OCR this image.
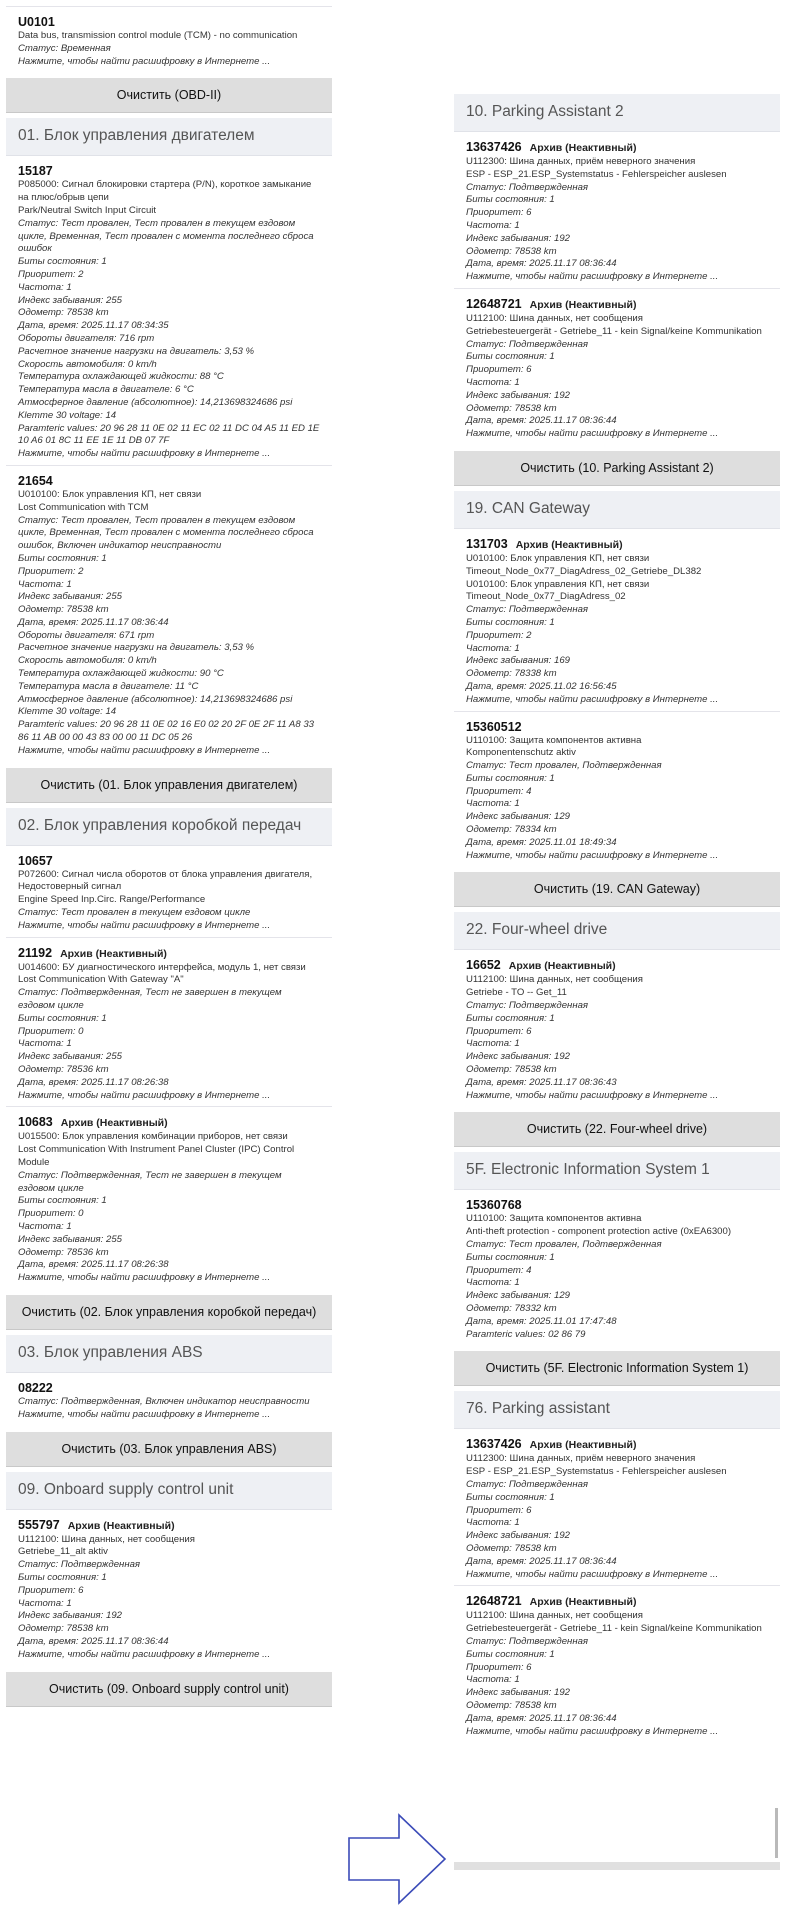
U0101
Data bus, transmission control module (TCM) - no communication
Статус: Временная
Нажмите, чтобы найти расшифровку в Интернете ...
Очистить (OBD-II)
01. Блок управления двигателем
15187
P085000: Сигнал блокировки стартера (P/N), короткое замыкание на плюс/обрыв цепи
Park/Neutral Switch Input Circuit
Статус: Тест провален, Тест провален в текущем ездовом цикле, Временная, Тест провален с момента последнего сброса ошибок
Биты состояния: 1
Приоритет: 2
Частота: 1
Индекс забывания: 255
Одометр: 78538 km
Дата, время: 2025.11.17 08:34:35
Обороты двигателя: 716 rpm
Расчетное значение нагрузки на двигатель: 3,53 %
Скорость автомобиля: 0 km/h
Температура охлаждающей жидкости: 88 °C
Температура масла в двигателе: 6 °C
Атмосферное давление (абсолютное): 14,213698324686 psi
Klemme 30 voltage: 14
Paramteric values: 20 96 28 11 0E 02 11 EC 02 11 DC 04 A5 11 ED 1E 10 A6 01 8C 11 EE 1E 11 DB 07 7F
Нажмите, чтобы найти расшифровку в Интернете ...
21654
U010100: Блок управления КП, нет связи
Lost Communication with TCM
Статус: Тест провален, Тест провален в текущем ездовом цикле, Временная, Тест провален с момента последнего сброса ошибок, Включен индикатор неисправности
Биты состояния: 1
Приоритет: 2
Частота: 1
Индекс забывания: 255
Одометр: 78538 km
Дата, время: 2025.11.17 08:36:44
Обороты двигателя: 671 rpm
Расчетное значение нагрузки на двигатель: 3,53 %
Скорость автомобиля: 0 km/h
Температура охлаждающей жидкости: 90 °C
Температура масла в двигателе: 11 °C
Атмосферное давление (абсолютное): 14,213698324686 psi
Klemme 30 voltage: 14
Paramteric values: 20 96 28 11 0E 02 16 E0 02 20 2F 0E 2F 11 A8 33 86 11 AB 00 00 43 83 00 00 11 DC 05 26
Нажмите, чтобы найти расшифровку в Интернете ...
Очистить (01. Блок управления двигателем)
02. Блок управления коробкой передач
10657
P072600: Сигнал числа оборотов от блока управления двигателя, Недостоверный сигнал
Engine Speed Inp.Circ. Range/Performance
Статус: Тест провален в текущем ездовом цикле
Нажмите, чтобы найти расшифровку в Интернете ...
21192 Архив (Неактивный)
U014600: БУ диагностического интерфейса, модуль 1, нет связи
Lost Communication With Gateway "A"
Статус: Подтвержденная, Тест не завершен в текущем ездовом цикле
Биты состояния: 1
Приоритет: 0
Частота: 1
Индекс забывания: 255
Одометр: 78536 km
Дата, время: 2025.11.17 08:26:38
Нажмите, чтобы найти расшифровку в Интернете ...
10683 Архив (Неактивный)
U015500: Блок управления комбинации приборов, нет связи
Lost Communication With Instrument Panel Cluster (IPC) Control Module
Статус: Подтвержденная, Тест не завершен в текущем ездовом цикле
Биты состояния: 1
Приоритет: 0
Частота: 1
Индекс забывания: 255
Одометр: 78536 km
Дата, время: 2025.11.17 08:26:38
Нажмите, чтобы найти расшифровку в Интернете ...
Очистить (02. Блок управления коробкой передач)
03. Блок управления ABS
08222
Статус: Подтвержденная, Включен индикатор неисправности
Нажмите, чтобы найти расшифровку в Интернете ...
Очистить (03. Блок управления ABS)
09. Onboard supply control unit
555797 Архив (Неактивный)
U112100: Шина данных, нет сообщения
Getriebe_11_alt aktiv
Статус: Подтвержденная
Биты состояния: 1
Приоритет: 6
Частота: 1
Индекс забывания: 192
Одометр: 78538 km
Дата, время: 2025.11.17 08:36:44
Нажмите, чтобы найти расшифровку в Интернете ...
Очистить (09. Onboard supply control unit)
10. Parking Assistant 2
13637426 Архив (Неактивный)
U112300: Шина данных, приём неверного значения
ESP - ESP_21.ESP_Systemstatus - Fehlerspeicher auslesen
Статус: Подтвержденная
Биты состояния: 1
Приоритет: 6
Частота: 1
Индекс забывания: 192
Одометр: 78538 km
Дата, время: 2025.11.17 08:36:44
Нажмите, чтобы найти расшифровку в Интернете ...
12648721 Архив (Неактивный)
U112100: Шина данных, нет сообщения
Getriebesteuergerät - Getriebe_11 - kein Signal/keine Kommunikation
Статус: Подтвержденная
Биты состояния: 1
Приоритет: 6
Частота: 1
Индекс забывания: 192
Одометр: 78538 km
Дата, время: 2025.11.17 08:36:44
Нажмите, чтобы найти расшифровку в Интернете ...
Очистить (10. Parking Assistant 2)
19. CAN Gateway
131703 Архив (Неактивный)
U010100: Блок управления КП, нет связи
Timeout_Node_0x77_DiagAdress_02_Getriebe_DL382
U010100: Блок управления КП, нет связи
Timeout_Node_0x77_DiagAdress_02
Статус: Подтвержденная
Биты состояния: 1
Приоритет: 2
Частота: 1
Индекс забывания: 169
Одометр: 78338 km
Дата, время: 2025.11.02 16:56:45
Нажмите, чтобы найти расшифровку в Интернете ...
15360512
U110100: Защита компонентов активна
Komponentenschutz aktiv
Статус: Тест провален, Подтвержденная
Биты состояния: 1
Приоритет: 4
Частота: 1
Индекс забывания: 129
Одометр: 78334 km
Дата, время: 2025.11.01 18:49:34
Нажмите, чтобы найти расшифровку в Интернете ...
Очистить (19. CAN Gateway)
22. Four-wheel drive
16652 Архив (Неактивный)
U112100: Шина данных, нет сообщения
Getriebe - TO -- Get_11
Статус: Подтвержденная
Биты состояния: 1
Приоритет: 6
Частота: 1
Индекс забывания: 192
Одометр: 78538 km
Дата, время: 2025.11.17 08:36:43
Нажмите, чтобы найти расшифровку в Интернете ...
Очистить (22. Four-wheel drive)
5F. Electronic Information System 1
15360768
U110100: Защита компонентов активна
Anti-theft protection - component protection active (0xEA6300)
Статус: Тест провален, Подтвержденная
Биты состояния: 1
Приоритет: 4
Частота: 1
Индекс забывания: 129
Одометр: 78332 km
Дата, время: 2025.11.01 17:47:48
Paramteric values: 02 86 79
Очистить (5F. Electronic Information System 1)
76. Parking assistant
13637426 Архив (Неактивный)
U112300: Шина данных, приём неверного значения
ESP - ESP_21.ESP_Systemstatus - Fehlerspeicher auslesen
Статус: Подтвержденная
Биты состояния: 1
Приоритет: 6
Частота: 1
Индекс забывания: 192
Одометр: 78538 km
Дата, время: 2025.11.17 08:36:44
Нажмите, чтобы найти расшифровку в Интернете ...
12648721 Архив (Неактивный)
U112100: Шина данных, нет сообщения
Getriebesteuergerät - Getriebe_11 - kein Signal/keine Kommunikation
Статус: Подтвержденная
Биты состояния: 1
Приоритет: 6
Частота: 1
Индекс забывания: 192
Одометр: 78538 km
Дата, время: 2025.11.17 08:36:44
Нажмите, чтобы найти расшифровку в Интернете ...
